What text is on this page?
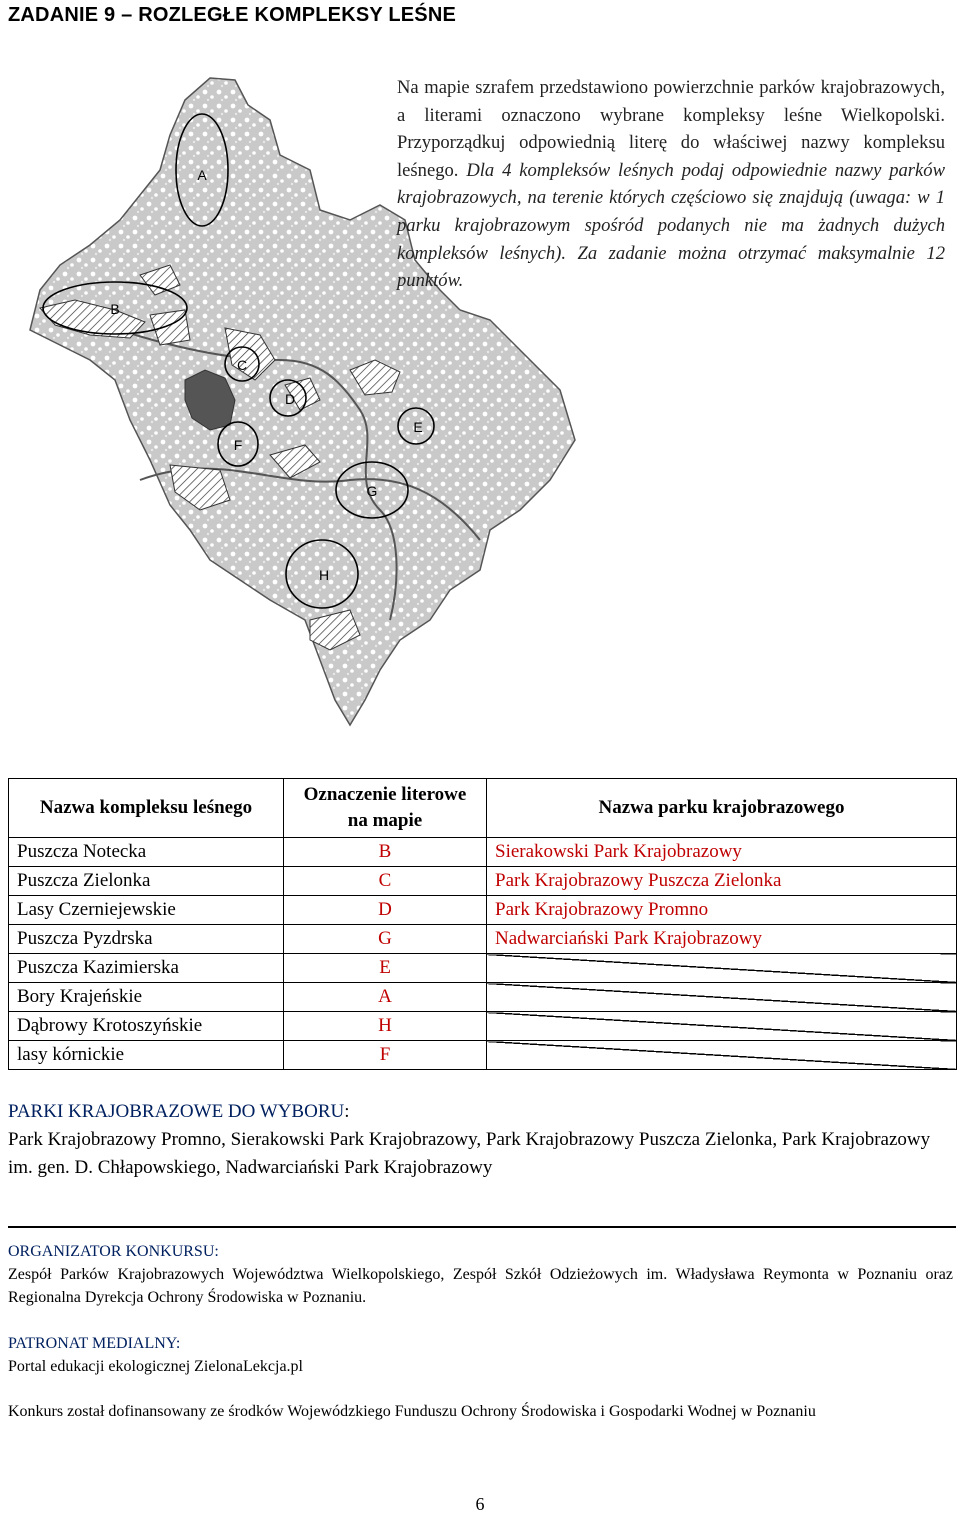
ZADANIE 9 – ROZLEGŁE KOMPLEKSY LEŚNE
A
B
C
D
E
F
G
H
Na mapie szrafem przedstawiono powierzchnie parków krajobrazowych, a literami oznaczono wybrane kompleksy leśne Wielkopolski. Przyporządkuj odpowiednią literę do właściwej nazwy kompleksu leśnego. Dla 4 kompleksów leśnych podaj odpowiednie nazwy parków krajobrazowych, na terenie których częściowo się znajdują (uwaga: w 1 parku krajobrazowym spośród podanych nie ma żadnych dużych kompleksów leśnych). Za zadanie można otrzymać maksymalnie 12 punktów.
Nazwa kompleksu leśnego	Oznaczenie literowe na mapie	Nazwa parku krajobrazowego
Puszcza Notecka	B	Sierakowski Park Krajobrazowy
Puszcza Zielonka	C	Park Krajobrazowy Puszcza Zielonka
Lasy Czerniejewskie	D	Park Krajobrazowy Promno
Puszcza Pyzdrska	G	Nadwarciański Park Krajobrazowy
Puszcza Kazimierska	E	
Bory Krajeńskie	A	
Dąbrowy Krotoszyńskie	H	
lasy kórnickie	F	
PARKI KRAJOBRAZOWE DO WYBORU:
Park Krajobrazowy Promno, Sierakowski Park Krajobrazowy, Park Krajobrazowy Puszcza Zielonka, Park Krajobrazowy im. gen. D. Chłapowskiego, Nadwarciański Park Krajobrazowy
ORGANIZATOR KONKURSU:
Zespół Parków Krajobrazowych Województwa Wielkopolskiego, Zespół Szkół Odzieżowych im. Władysława Reymonta w Poznaniu oraz Regionalna Dyrekcja Ochrony Środowiska w Poznaniu.
PATRONAT MEDIALNY:
Portal edukacji ekologicznej ZielonaLekcja.pl
Konkurs został dofinansowany ze środków Wojewódzkiego Funduszu Ochrony Środowiska i Gospodarki Wodnej w Poznaniu
6
